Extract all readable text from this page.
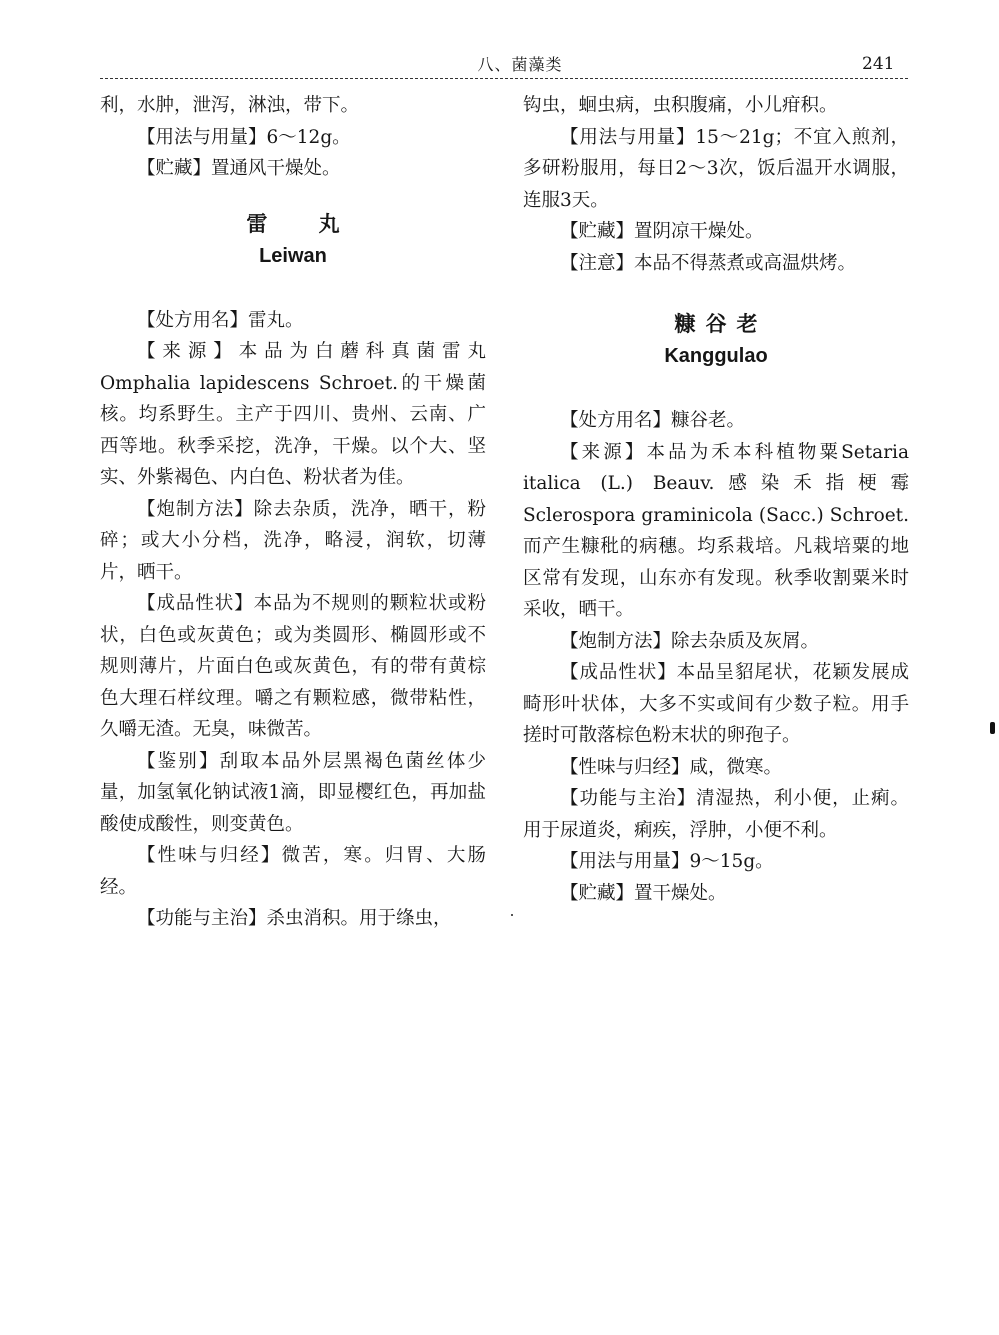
八、菌藻类	241

利，水肿，泄泻，淋浊，带下。

【用法与用量】6～12g。

【贮藏】置通风干燥处。

雷 丸
Leiwan

【处方用名】雷丸。

【来源】本品为白蘑科真菌雷丸Omphalia lapidescens Schroet.的干燥菌核。均系野生。主产于四川、贵州、云南、广西等地。秋季采挖，洗净，干燥。以个大、坚实、外紫褐色、内白色、粉状者为佳。

【炮制方法】除去杂质，洗净，晒干，粉碎；或大小分档，洗净，略浸，润软，切薄片，晒干。

【成品性状】本品为不规则的颗粒状或粉状，白色或灰黄色；或为类圆形、椭圆形或不规则薄片，片面白色或灰黄色，有的带有黄棕色大理石样纹理。嚼之有颗粒感，微带粘性，久嚼无渣。无臭，味微苦。

【鉴别】刮取本品外层黑褐色菌丝体少量，加氢氧化钠试液1滴，即显樱红色，再加盐酸使成酸性，则变黄色。

【性味与归经】微苦，寒。归胃、大肠经。

【功能与主治】杀虫消积。用于绦虫，

钩虫，蛔虫病，虫积腹痛，小儿疳积。

【用法与用量】15～21g；不宜入煎剂，多研粉服用，每日2～3次，饭后温开水调服，连服3天。

【贮藏】置阴凉干燥处。

【注意】本品不得蒸煮或高温烘烤。

糠谷老
Kanggulao

【处方用名】糠谷老。

【来源】本品为禾本科植物粟Setaria italica (L.) Beauv.感染禾指梗霉Sclerospora graminicola (Sacc.) Schroet.而产生糠秕的病穗。均系栽培。凡栽培粟的地区常有发现，山东亦有发现。秋季收割粟米时采收，晒干。

【炮制方法】除去杂质及灰屑。

【成品性状】本品呈貂尾状，花颖发展成畸形叶状体，大多不实或间有少数子粒。用手搓时可散落棕色粉末状的卵孢子。

【性味与归经】咸，微寒。

【功能与主治】清湿热，利小便，止痢。用于尿道炎，痢疾，浮肿，小便不利。

【用法与用量】9～15g。

【贮藏】置干燥处。
